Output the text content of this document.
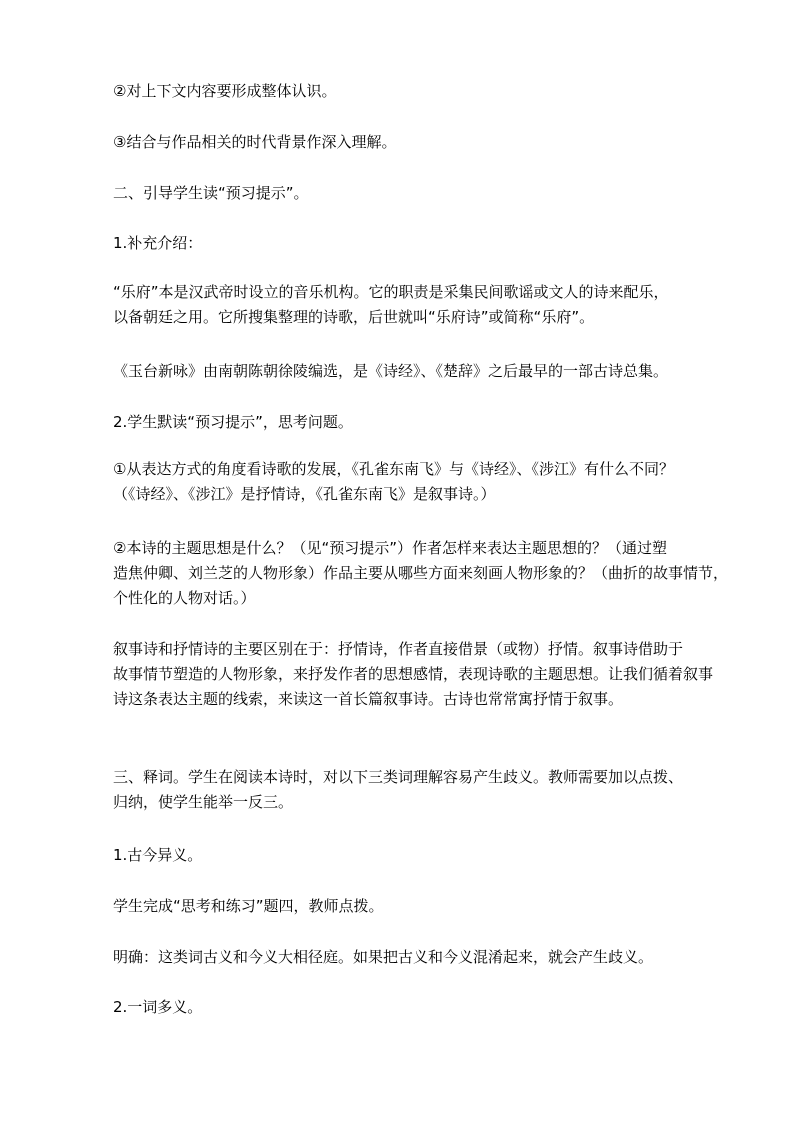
②对上下文内容要形成整体认识。

③结合与作品相关的时代背景作深入理解。

二、引导学生读“预习提示”。

1.补充介绍：

“乐府”本是汉武帝时设立的音乐机构。它的职责是采集民间歌谣或文人的诗来配乐，
以备朝廷之用。它所搜集整理的诗歌，后世就叫“乐府诗”或简称“乐府”。

《玉台新咏》由南朝陈朝徐陵编选，是《诗经》、《楚辞》之后最早的一部古诗总集。

2.学生默读“预习提示”，思考问题。

①从表达方式的角度看诗歌的发展，《孔雀东南飞》与《诗经》、《涉江》有什么不同？
（《诗经》、《涉江》是抒情诗，《孔雀东南飞》是叙事诗。）

②本诗的主题思想是什么？（见“预习提示”）作者怎样来表达主题思想的？（通过塑
造焦仲卿、刘兰芝的人物形象）作品主要从哪些方面来刻画人物形象的？（曲折的故事情节，
个性化的人物对话。）

叙事诗和抒情诗的主要区别在于：抒情诗，作者直接借景（或物）抒情。叙事诗借助于
故事情节塑造的人物形象，来抒发作者的思想感情，表现诗歌的主题思想。让我们循着叙事
诗这条表达主题的线索，来读这一首长篇叙事诗。古诗也常常寓抒情于叙事。

三、释词。学生在阅读本诗时，对以下三类词理解容易产生歧义。教师需要加以点拨、
归纳，使学生能举一反三。

1.古今异义。

学生完成“思考和练习”题四，教师点拨。

明确：这类词古义和今义大相径庭。如果把古义和今义混淆起来，就会产生歧义。

2.一词多义。
